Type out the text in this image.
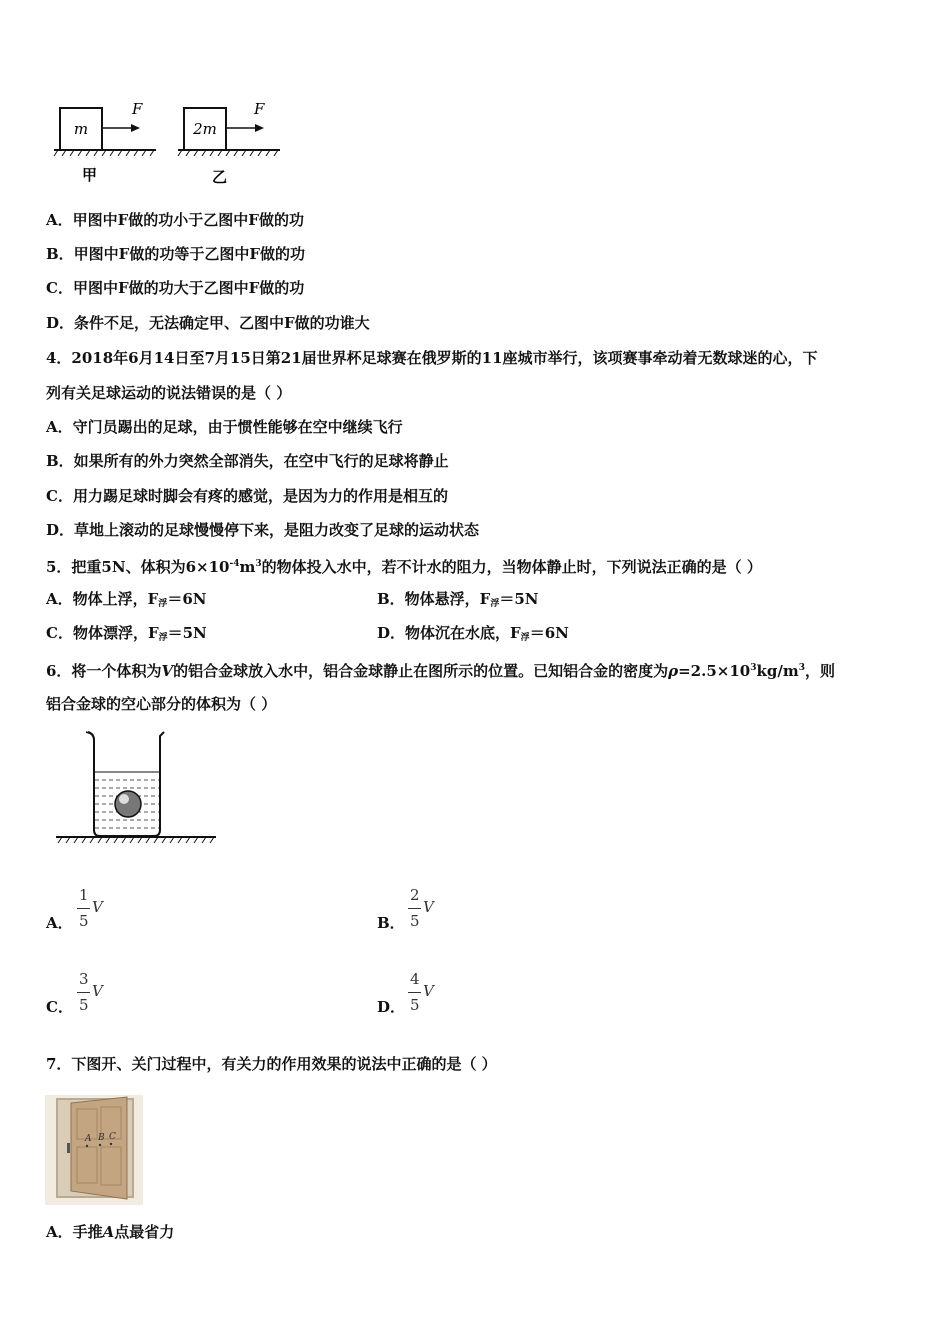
m
F
甲
2m
F
乙
A．甲图中F做的功小于乙图中F做的功
B．甲图中F做的功等于乙图中F做的功
C．甲图中F做的功大于乙图中F做的功
D．条件不足，无法确定甲、乙图中F做的功谁大
4．2018年6月14日至7月15日第21届世界杯足球赛在俄罗斯的11座城市举行，该项赛事牵动着无数球迷的心，下
列有关足球运动的说法错误的是（ ）
A．守门员踢出的足球，由于惯性能够在空中继续飞行
B．如果所有的外力突然全部消失，在空中飞行的足球将静止
C．用力踢足球时脚会有疼的感觉，是因为力的作用是相互的
D．草地上滚动的足球慢慢停下来，是阻力改变了足球的运动状态
5．把重5N、体积为$6\times 10^{-4}m^3$的物体投入水中，若不计水的阻力，当物体静止时，下列说法正确的是（ ）
A．物体上浮，$F_浮=6N$	B．物体悬浮，$F_浮=5N$
C．物体漂浮，$F_浮=5N$	D．物体沉在水底，$F_浮=6N$
6．将一个体积为V的铝合金球放入水中，铝合金球静止在图所示的位置。已知铝合金的密度为$\rho=2.5\times 10^3kg/m^3$，则
铝合金球的空心部分的体积为（ ）
A．
1
5
V
B．
2
5
V
C．
3
5
V
D．
4
5
V
7．下图开、关门过程中，有关力的作用效果的说法中正确的是（ ）
A B C
A．手推A点最省力
